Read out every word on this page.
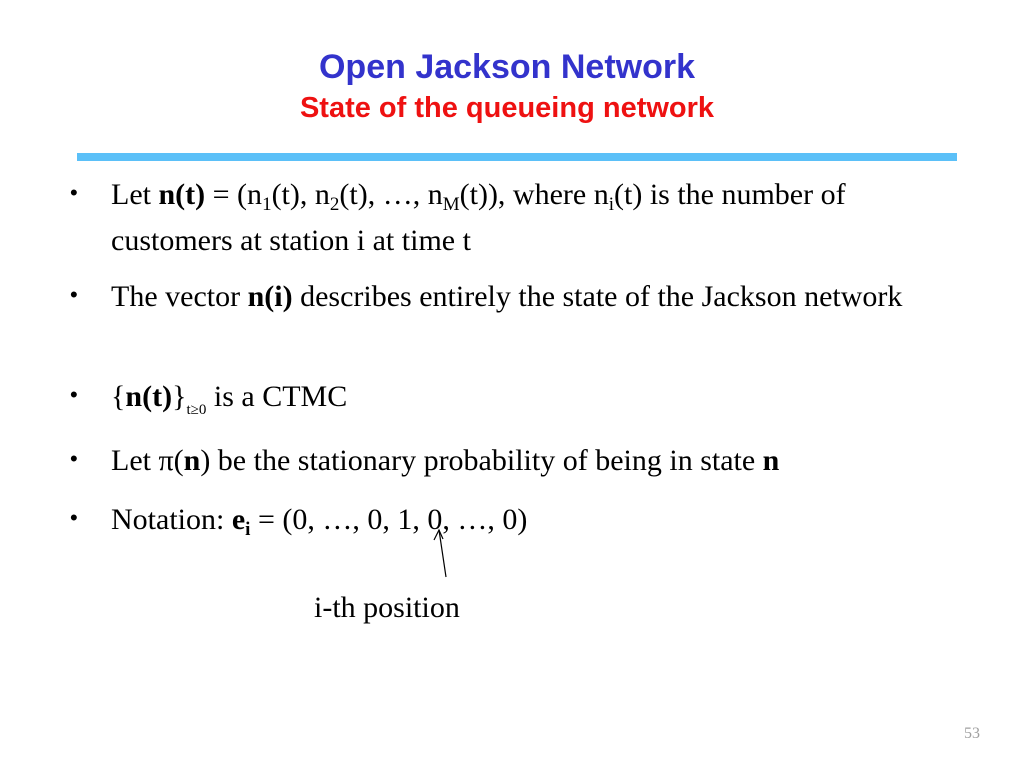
Open Jackson Network
State of the queueing network
•	Let $n(t) = (n_1(t)$, $n_2(t)$, …, $n_M(t)$), where $n_i(t)$ is the number of customers at station i at time t
•	The vector n(i) describes entirely the state of the Jackson network
•	$\{n(t)\}_{t\ge 0}$ is a CTMC
•	Let π(n) be the stationary probability of being in state n
•	Notation: $e_i = (0$, …, 0, 1, 0, …, 0)
i-th position
53
